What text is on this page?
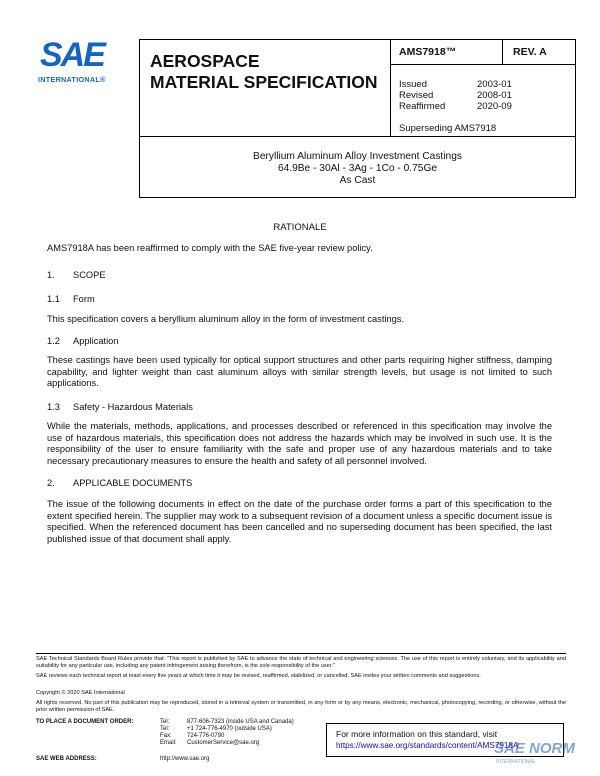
SAE
INTERNATIONAL®
AEROSPACE
MATERIAL SPECIFICATION
AMS7918™	REV. A
Issued	2003-01
Revised	2008-01
Reaffirmed	2020-09
Superseding AMS7918
Beryllium Aluminum Alloy Investment Castings
64.9Be - 30Al - 3Ag - 1Co - 0.75Ge
As Cast
RATIONALE
AMS7918A has been reaffirmed to comply with the SAE five-year review policy.
1. SCOPE
1.1 Form
This specification covers a beryllium aluminum alloy in the form of investment castings.
1.2 Application
These castings have been used typically for optical support structures and other parts requiring higher stiffness, damping capability, and lighter weight than cast aluminum alloys with similar strength levels, but usage is not limited to such applications.
1.3 Safety - Hazardous Materials
While the materials, methods, applications, and processes described or referenced in this specification may involve the use of hazardous materials, this specification does not address the hazards which may be involved in such use. It is the responsibility of the user to ensure familiarity with the safe and proper use of any hazardous materials and to take necessary precautionary measures to ensure the health and safety of all personnel involved.
2. APPLICABLE DOCUMENTS
The issue of the following documents in effect on the date of the purchase order forms a part of this specification to the extent specified herein. The supplier may work to a subsequent revision of a document unless a specific document issue is specified. When the referenced document has been cancelled and no superseding document has been specified, the last published issue of that document shall apply.
SAE Technical Standards Board Rules provide that: "This report is published by SAE to advance the state of technical and engineering sciences. The use of this report is entirely voluntary, and its applicability and suitability for any particular use, including any patent infringement arising therefrom, is the sole responsibility of the user."
SAE reviews each technical report at least every five years at which time it may be revised, reaffirmed, stabilized, or cancelled. SAE invites your written comments and suggestions.
Copyright © 2020 SAE International
All rights reserved. No part of this publication may be reproduced, stored in a retrieval system or transmitted, in any form or by any means, electronic, mechanical, photocopying, recording, or otherwise, without the prior written permission of SAE.
TO PLACE A DOCUMENT ORDER:	Tel:	877-606-7323 (inside USA and Canada)
Tel:	+1 724-776-4970 (outside USA)
Fax:	724-776-0790
Email: CustomerService@sae.org
SAE WEB ADDRESS:	http://www.sae.org
For more information on this standard, visit
https://www.sae.org/standards/content/AMS7918A
SAE NORM
INTERNATIONAL
